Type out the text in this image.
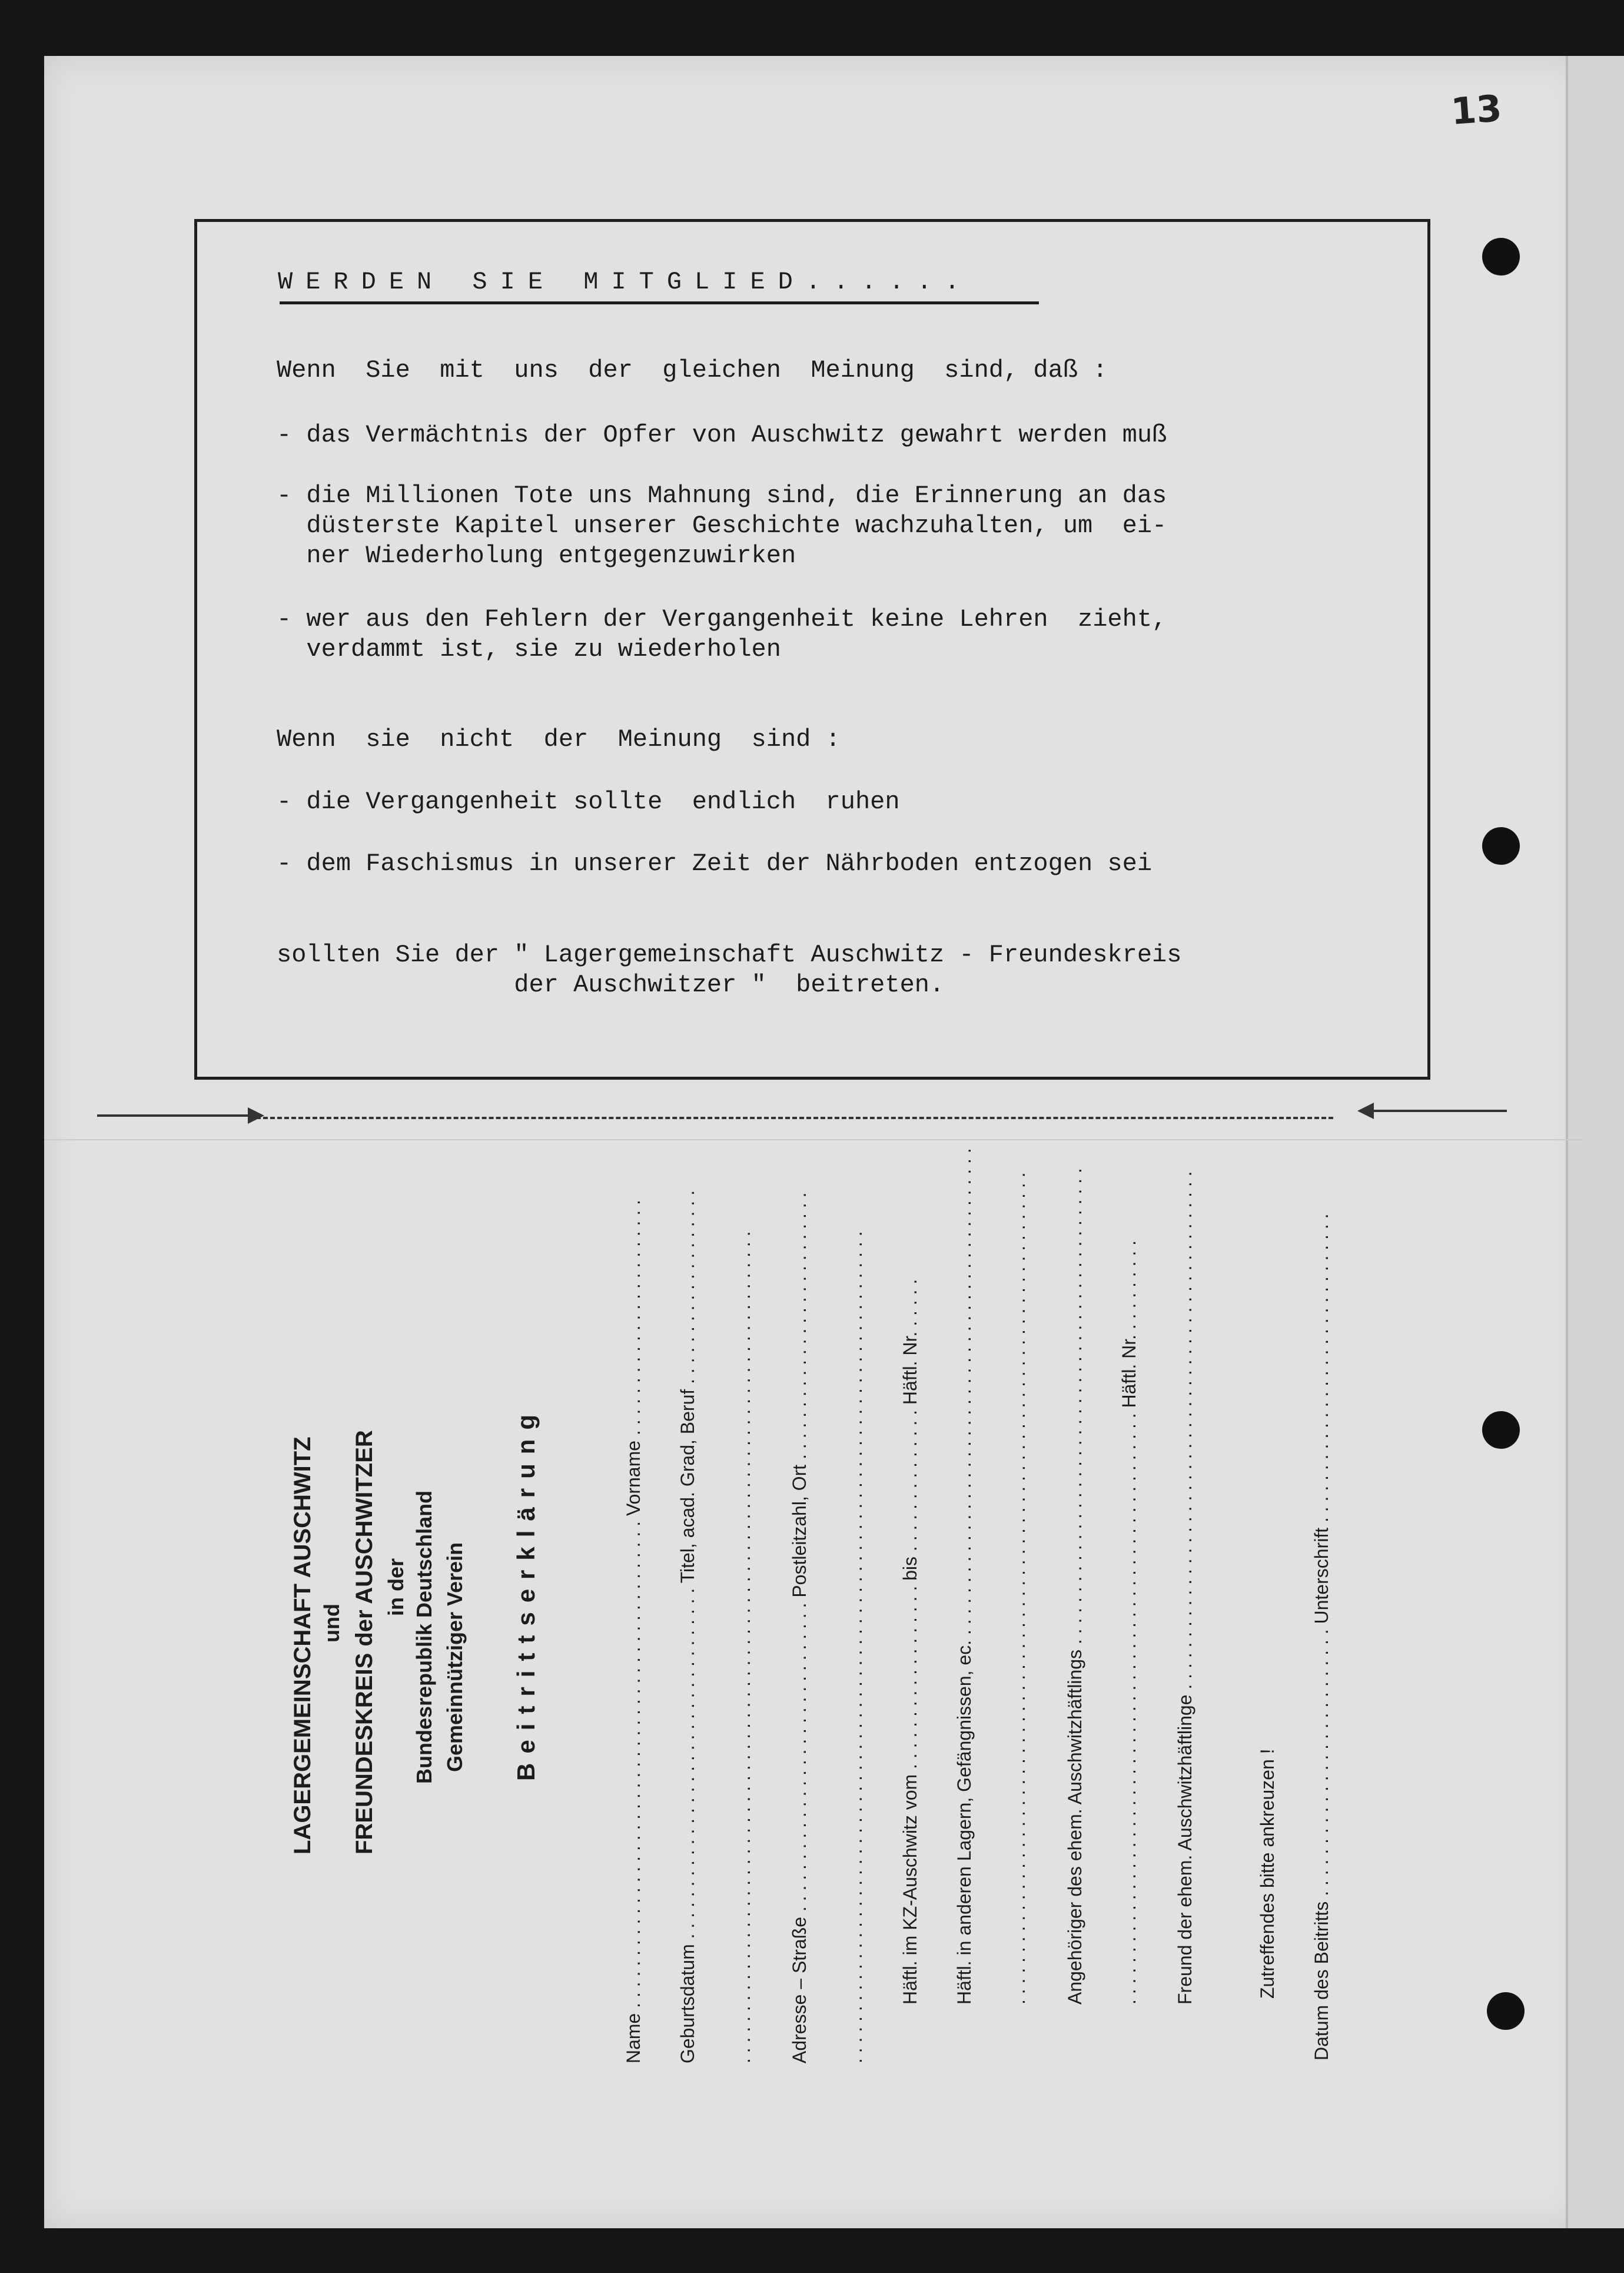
13
WERDEN SIE MITGLIED......
Wenn  Sie  mit  uns  der  gleichen  Meinung  sind, daß :
- das Vermächtnis der Opfer von Auschwitz gewahrt werden muß
- die Millionen Tote uns Mahnung sind, die Erinnerung an das
düsterste Kapitel unserer Geschichte wachzuhalten, um  ei-
ner Wiederholung entgegenzuwirken
- wer aus den Fehlern der Vergangenheit keine Lehren  zieht,
verdammt ist, sie zu wiederholen
Wenn  sie  nicht  der  Meinung  sind :
- die Vergangenheit sollte  endlich  ruhen
- dem Faschismus in unserer Zeit der Nährboden entzogen sei
sollten Sie der " Lagergemeinschaft Auschwitz - Freundeskreis
der Auschwitzer "  beitreten.
LAGERGEMEINSCHAFT AUSCHWITZ und FREUNDESKREIS der AUSCHWITZER in der Bundesrepublik Deutschland Gemeinnütziger Verein Beitrittserklärung	Name . . . . . . . . . . . . . . . . . . . . . . . . . . . . . . . . . . . . . . . . . . . . . . . Vorname . . . . . . . . . . . . . . . . . . . . . . . Geburtsdatum . . . . . . . . . . . . . . . . . . . . . . . . . . . . . . . . . . Titel, acad. Grad, Beruf . . . . . . . . . . . . . . . . . . . . . . . . . . . . . . . . . . . . . . . . . . . . . . . . . . . . . . . . . . . . . . . . . . . . . . . . . . . . . . . . . . . . . . . . . . . . . . . . . . . Adresse – Straße . . . . . . . . . . . . . . . . . . . . . . . . . . . . . . Postleitzahl, Ort . . . . . . . . . . . . . . . . . . . . . . . . . . . . . . . . . . . . . . . . . . . . . . . . . . . . . . . . . . . . . . . . . . . . . . . . . . . . . . . . . . . . . . . . . . . . . . . . . . . . . . . . . . Häftl. im KZ-Auschwitz vom . . . . . . . . . . . . . . . . . . bis . . . . . . . . . . . . . . Häftl. Nr. . . . . . Häftl. in anderen Lagern, Gefängnissen, ec. . . . . . . . . . . . . . . . . . . . . . . . . . . . . . . . . . . . . . . . . . . . . . . . . . . . . . . . . . . . . . . . . . . . . . . . . . . . . . . . . . . . . . . . . . . . . . . . . . . . . . . . . . . . . . . . . . . . . . . . . . . . . . . . Angehöriger des ehem. Auschwitzhäftlings . . . . . . . . . . . . . . . . . . . . . . . . . . . . . . . . . . . . . . . . . . . . . . . . . . . . . . . . . . . . . . . . . . . . . . . . . . . . . . . . . . . . . . . . . . . . . . . . . . . . . . . Häftl. Nr. . . . . . . . . . Freund der ehem. Auschwitzhäftlinge . . . . . . . . . . . . . . . . . . . . . . . . . . . . . . . . . . . . . . . . . . . . . . . . . .	Zutreffendes bitte ankreuzen ! Datum des Beitritts . . . . . . . . . . . . . . . . . . . . . . . . . . Unterschrift . . . . . . . . . . . . . . . . . . . . . . . . . . . . . .
